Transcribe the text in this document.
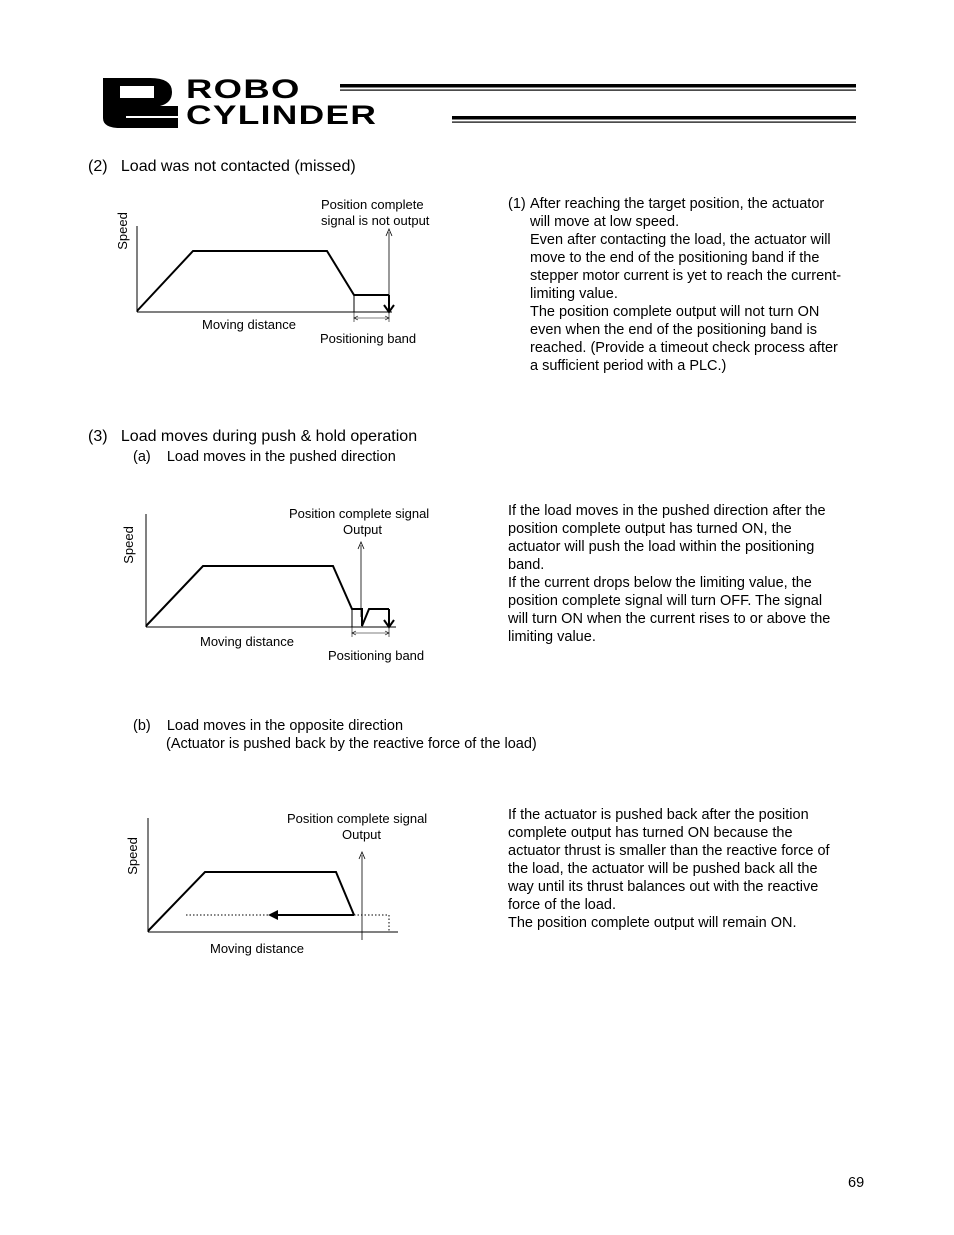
ROBO
CYLINDER
(2)   Load was not contacted (missed)
Speed
Moving distance
Position complete
signal is not output
Positioning band
(1) After reaching the target position, the actuator
will move at low speed.
Even after contacting the load, the actuator will
move to the end of the positioning band if the
stepper motor current is yet to reach the current-
limiting value.
The position complete output will not turn ON
even when the end of the positioning band is
reached. (Provide a timeout check process after
a sufficient period with a PLC.)
(3)   Load moves during push & hold operation
(a)    Load moves in the pushed direction
Speed
Moving distance
Position complete signal
Output
Positioning band
If the load moves in the pushed direction after the
position complete output has turned ON, the
actuator will push the load within the positioning
band.
If the current drops below the limiting value, the
position complete signal will turn OFF. The signal
will turn ON when the current rises to or above the
limiting value.
(b)    Load moves in the opposite direction
(Actuator is pushed back by the reactive force of the load)
Speed
Moving distance
Position complete signal
Output
If the actuator is pushed back after the position
complete output has turned ON because the
actuator thrust is smaller than the reactive force of
the load, the actuator will be pushed back all the
way until its thrust balances out with the reactive
force of the load.
The position complete output will remain ON.
69
